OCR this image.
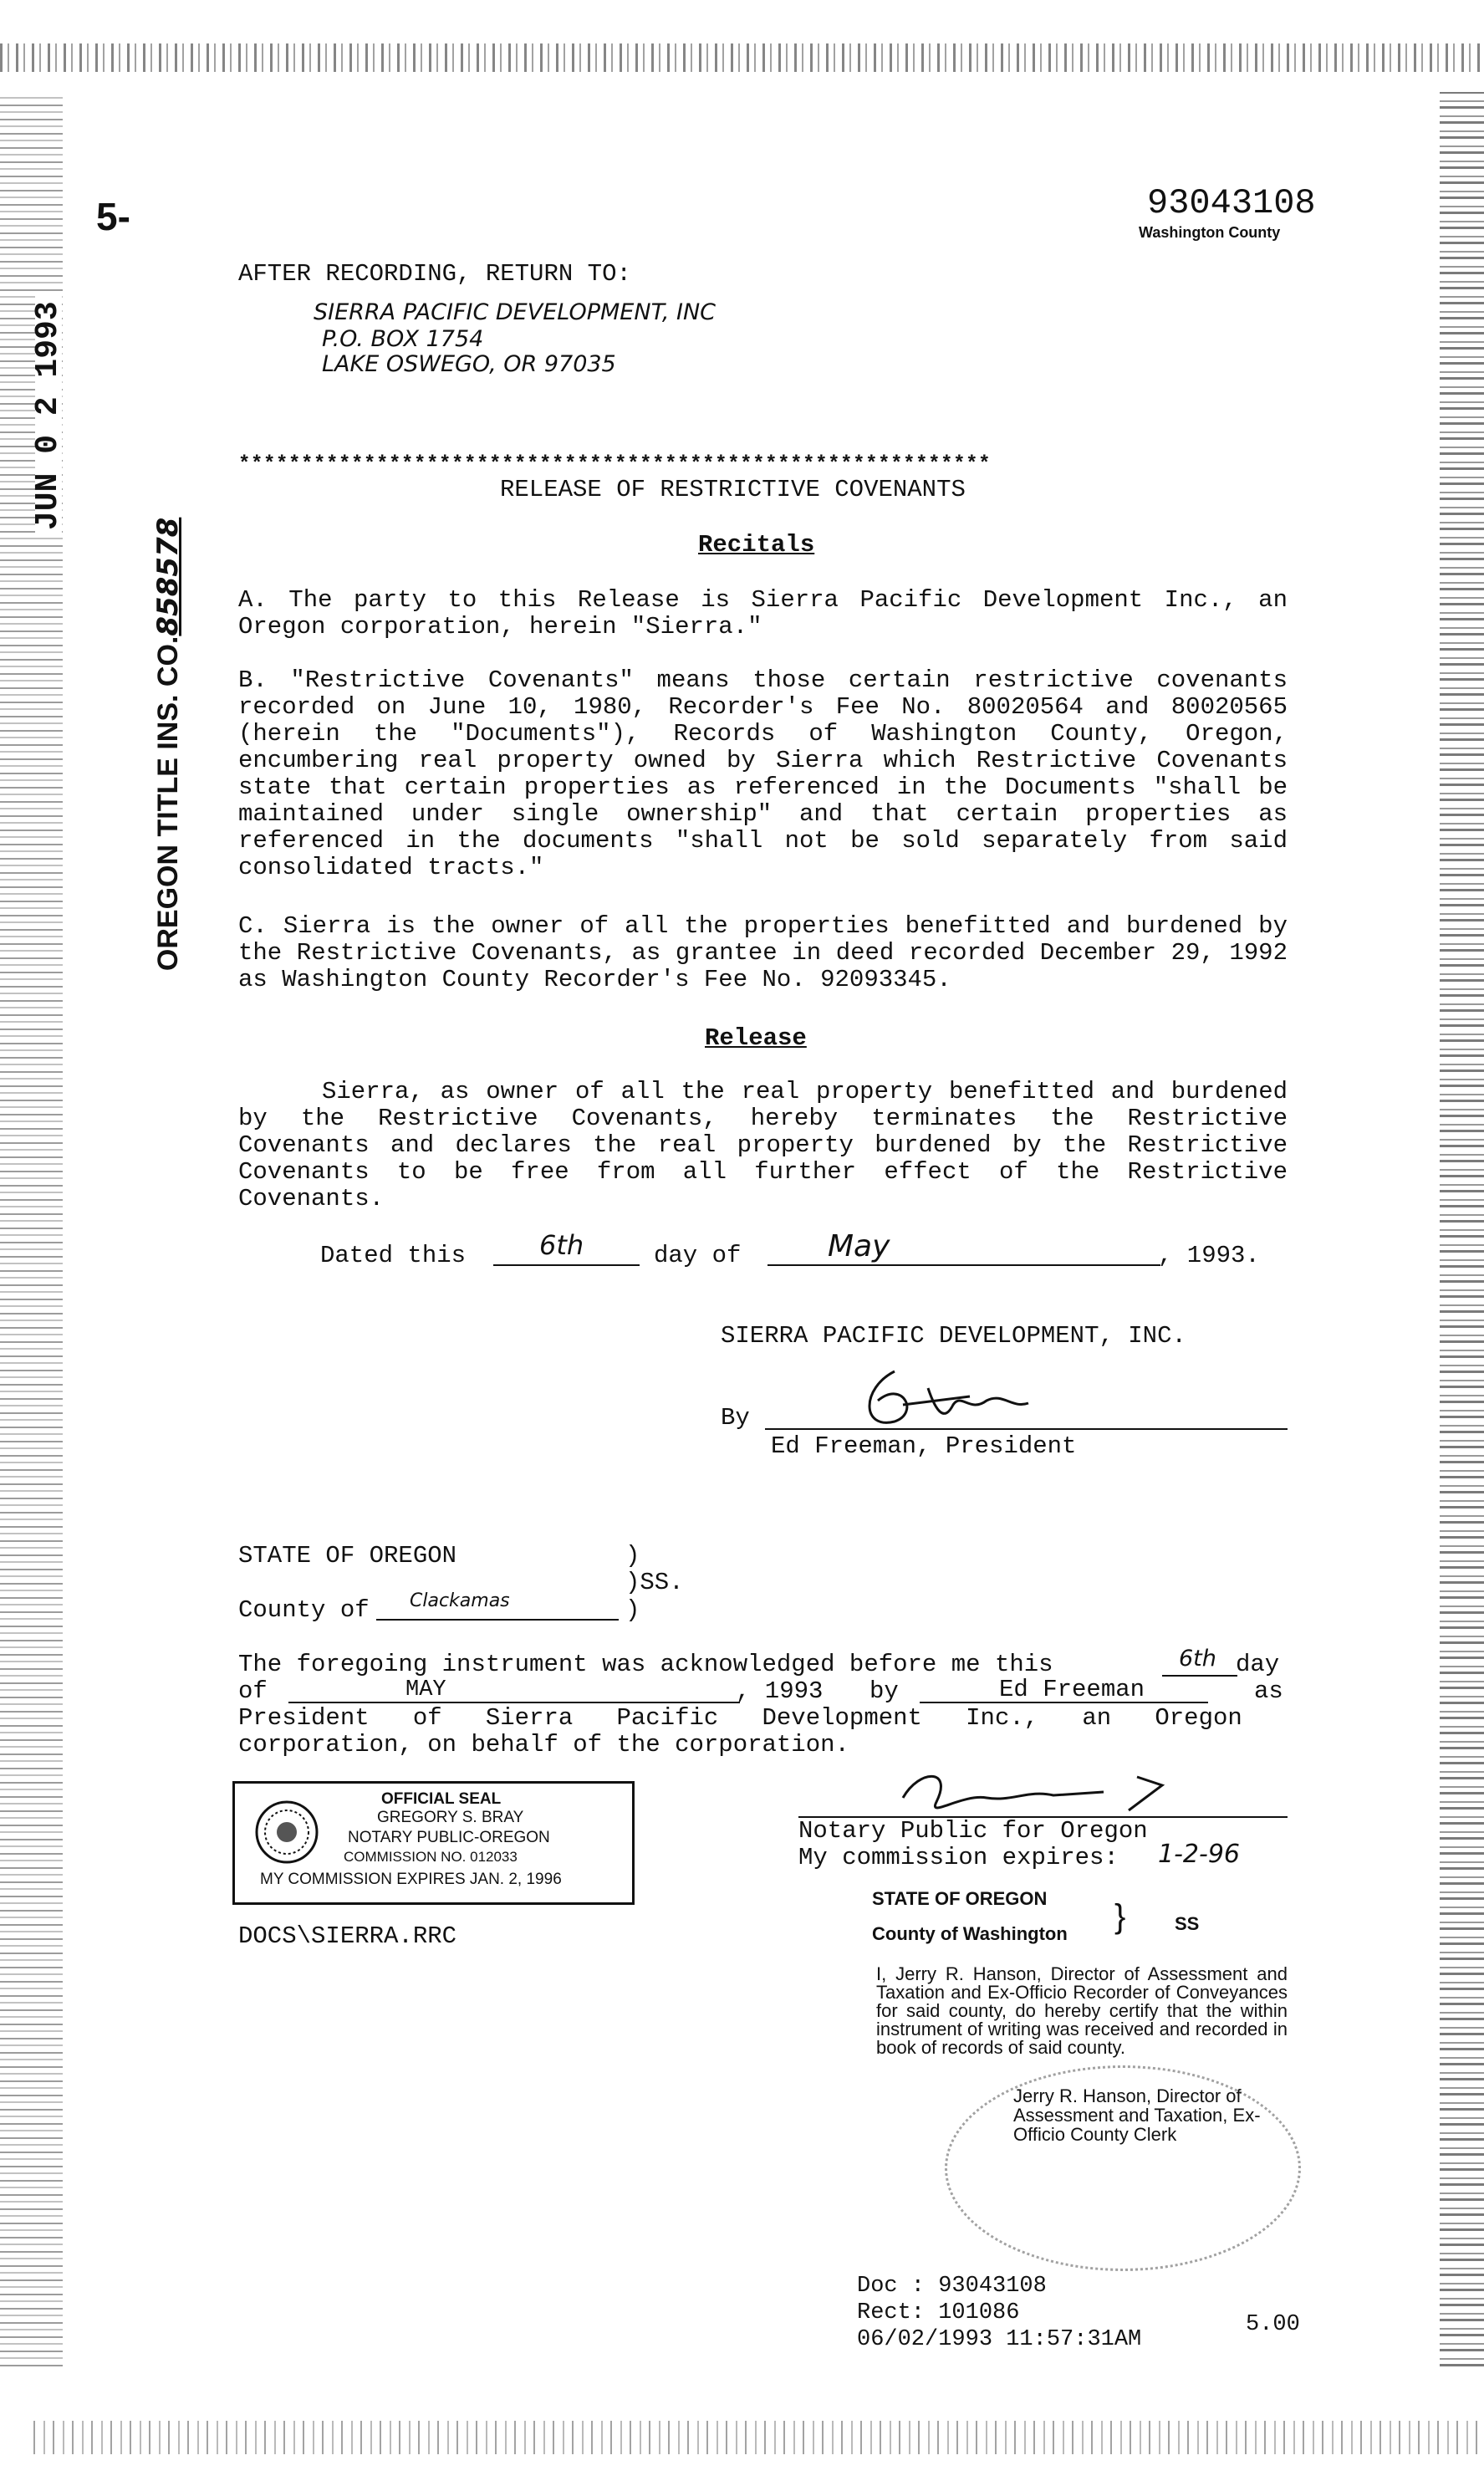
JUN 0 2 1993

OREGON TITLE INS. CO.858578

5-	93043108
Washington County
AFTER RECORDING, RETURN TO:
SIERRA PACIFIC DEVELOPMENT, INC
P.O. BOX 1754
LAKE OSWEGO, OR 97035
************************************************************
RELEASE OF RESTRICTIVE COVENANTS
Recitals
A. The party to this Release is Sierra Pacific Development Inc., an Oregon corporation, herein "Sierra."
B. "Restrictive Covenants" means those certain restrictive covenants recorded on June 10, 1980, Recorder's Fee No. 80020564 and 80020565 (herein the "Documents"), Records of Washington County, Oregon, encumbering real property owned by Sierra which Restrictive Covenants state that certain properties as referenced in the Documents "shall be maintained under single ownership" and that certain properties as referenced in the documents "shall not be sold separately from said consolidated tracts."
C. Sierra is the owner of all the properties benefitted and burdened by the Restrictive Covenants, as grantee in deed recorded December 29, 1992 as Washington County Recorder's Fee No. 92093345.
Release
Sierra, as owner of all the real property benefitted and burdened by the Restrictive Covenants, hereby terminates the Restrictive Covenants and declares the real property burdened by the Restrictive Covenants to be free from all further effect of the Restrictive Covenants.
Dated this	6th	day of	May	, 1993.
SIERRA PACIFIC DEVELOPMENT, INC.
By
Ed Freeman, President
STATE OF OREGON	)
)SS.
County of Clackamas	)
The foregoing instrument was acknowledged before me this	6th day
of	MAY	, 1993 by	Ed Freeman	as
President   of   Sierra   Pacific   Development   Inc.,   an   Oregon
corporation, on behalf of the corporation.
OFFICIAL SEAL
GREGORY S. BRAY
NOTARY PUBLIC-OREGON
COMMISSION NO. 012033
MY COMMISSION EXPIRES JAN. 2, 1996
Notary Public for Oregon
My commission expires: 1-2-96
DOCS\SIERRA.RRC
STATE OF OREGON
County of Washington }	SS
I, Jerry R. Hanson, Director of Assessment and Taxation and Ex-Officio Recorder of Conveyances for said county, do hereby certify that the within instrument of writing was received and recorded in book of records of said county.
Jerry R. Hanson, Director of Assessment and Taxation, Ex-Officio County Clerk
Doc : 93043108
Rect: 101086
06/02/1993 11:57:31AM
5.00
